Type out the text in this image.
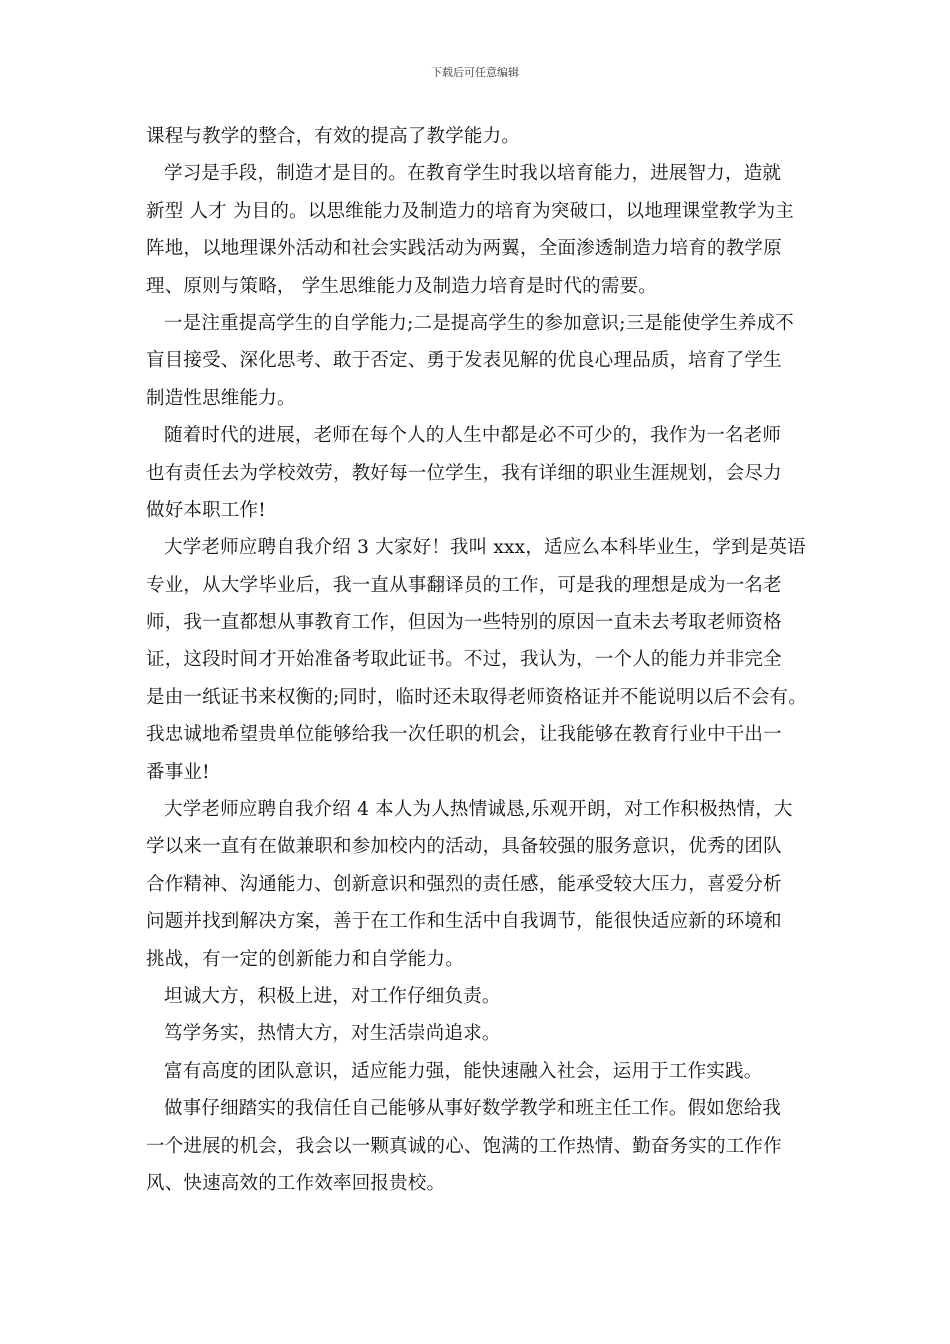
下载后可任意编辑
课程与教学的整合，有效的提高了教学能力。
学习是手段，制造才是目的。在教育学生时我以培育能力，进展智力，造就
新型 人才 为目的。以思维能力及制造力的培育为突破口，以地理课堂教学为主
阵地，以地理课外活动和社会实践活动为两翼，全面渗透制造力培育的教学原
理、原则与策略， 学生思维能力及制造力培育是时代的需要。
一是注重提高学生的自学能力;二是提高学生的参加意识;三是能使学生养成不
盲目接受、深化思考、敢于否定、勇于发表见解的优良心理品质，培育了学生
制造性思维能力。
随着时代的进展，老师在每个人的人生中都是必不可少的，我作为一名老师
也有责任去为学校效劳，教好每一位学生，我有详细的职业生涯规划，会尽力
做好本职工作!
大学老师应聘自我介绍 3 大家好！我叫 xxx，适应么本科毕业生，学到是英语
专业，从大学毕业后，我一直从事翻译员的工作，可是我的理想是成为一名老
师，我一直都想从事教育工作，但因为一些特别的原因一直未去考取老师资格
证，这段时间才开始准备考取此证书。不过，我认为，一个人的能力并非完全
是由一纸证书来权衡的;同时，临时还未取得老师资格证并不能说明以后不会有。
我忠诚地希望贵单位能够给我一次任职的机会，让我能够在教育行业中干出一
番事业!
大学老师应聘自我介绍 4 本人为人热情诚恳,乐观开朗，对工作积极热情，大
学以来一直有在做兼职和参加校内的活动，具备较强的服务意识，优秀的团队
合作精神、沟通能力、创新意识和强烈的责任感，能承受较大压力，喜爱分析
问题并找到解决方案，善于在工作和生活中自我调节，能很快适应新的环境和
挑战，有一定的创新能力和自学能力。
坦诚大方，积极上进，对工作仔细负责。
笃学务实，热情大方，对生活崇尚追求。
富有高度的团队意识，适应能力强，能快速融入社会，运用于工作实践。
做事仔细踏实的我信任自己能够从事好数学教学和班主任工作。假如您给我
一个进展的机会，我会以一颗真诚的心、饱满的工作热情、勤奋务实的工作作
风、快速高效的工作效率回报贵校。
